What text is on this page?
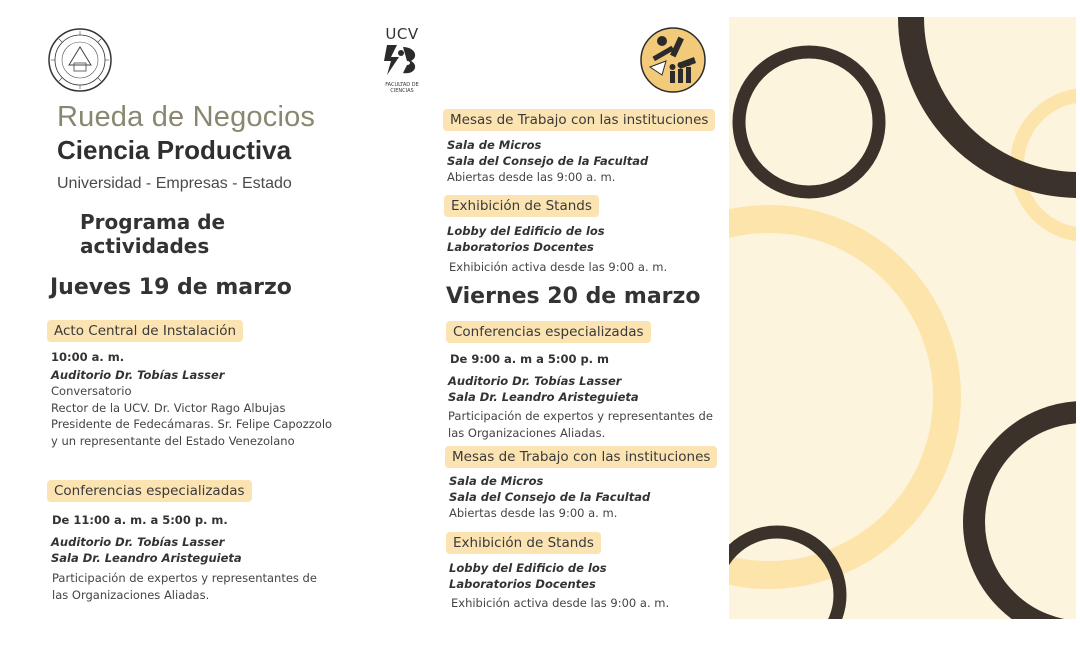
UCV
FACULTAD DE
CIENCIAS
Rueda de Negocios
Ciencia Productiva
Universidad - Empresas - Estado
Programa de
actividades
Jueves 19 de marzo
Acto Central de Instalación
10:00 a. m.
Auditorio Dr. Tobías Lasser
Conversatorio
Rector de la UCV. Dr. Victor Rago Albujas
Presidente de Fedecámaras. Sr. Felipe Capozzolo
y un representante del Estado Venezolano
Conferencias especializadas
De 11:00 a. m. a 5:00 p. m.
Auditorio Dr. Tobías Lasser
Sala Dr. Leandro Aristeguieta
Participación de expertos y representantes de
las Organizaciones Aliadas.
Mesas de Trabajo con las instituciones
Sala de Micros
Sala del Consejo de la Facultad
Abiertas desde las 9:00 a. m.
Exhibición de Stands
Lobby del Edificio de los
Laboratorios Docentes
Exhibición activa desde las 9:00 a. m.
Viernes 20 de marzo
Conferencias especializadas
De 9:00 a. m a 5:00 p. m
Auditorio Dr. Tobías Lasser
Sala Dr. Leandro Aristeguieta
Participación de expertos y representantes de
las Organizaciones Aliadas.
Mesas de Trabajo con las instituciones
Sala de Micros
Sala del Consejo de la Facultad
Abiertas desde las 9:00 a. m.
Exhibición de Stands
Lobby del Edificio de los
Laboratorios Docentes
Exhibición activa desde las 9:00 a. m.
